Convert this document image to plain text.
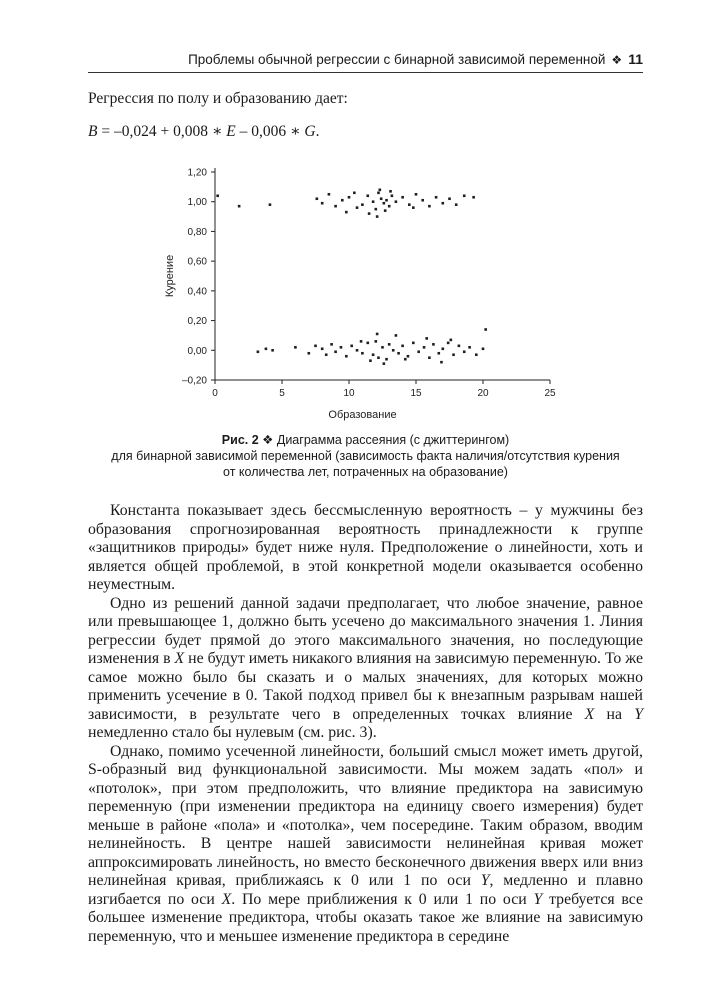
Проблемы обычной регрессии с бинарной зависимой переменной ❖ 11
Регрессия по полу и образованию дает:
B = –0,024 + 0,008 ∗ E – 0,006 ∗ G.
0	5	10	15	20	25
1,20
1,00
0,80
0,60
0,40
0,20
0,00
–0,20
Образование
Курение
Рис. 2 ❖ Диаграмма рассеяния (с джиттерингом)
для бинарной зависимой переменной (зависимость факта наличия/отсутствия курения
от количества лет, потраченных на образование)

Константа показывает здесь бессмысленную вероятность – у мужчины без образования спрогнозированная вероятность принадлежности к группе «защитников природы» будет ниже нуля. Предположение о линейности, хоть и является общей проблемой, в этой конкретной модели оказывается особенно неуместным.

Одно из решений данной задачи предполагает, что любое значение, равное или превышающее 1, должно быть усечено до максимального значения 1. Линия регрессии будет прямой до этого максимального значения, но последующие изменения в X не будут иметь никакого влияния на зависимую переменную. То же самое можно было бы сказать и о малых значениях, для которых можно применить усечение в 0. Такой подход привел бы к внезапным разрывам нашей зависимости, в результате чего в определенных точках влияние X на Y немедленно стало бы нулевым (см. рис. 3).

Однако, помимо усеченной линейности, больший смысл может иметь другой, S-образный вид функциональной зависимости. Мы можем задать «пол» и «потолок», при этом предположить, что влияние предиктора на зависимую переменную (при изменении предиктора на единицу своего измерения) будет меньше в районе «пола» и «потолка», чем посередине. Таким образом, вводим нелинейность. В центре нашей зависимости нелинейная кривая может аппроксимировать линейность, но вместо бесконечного движения вверх или вниз нелинейная кривая, приближаясь к 0 или 1 по оси Y, медленно и плавно изгибается по оси X. По мере приближения к 0 или 1 по оси Y требуется все большее изменение предиктора, чтобы оказать такое же влияние на зависимую переменную, что и меньшее изменение предиктора в середине
